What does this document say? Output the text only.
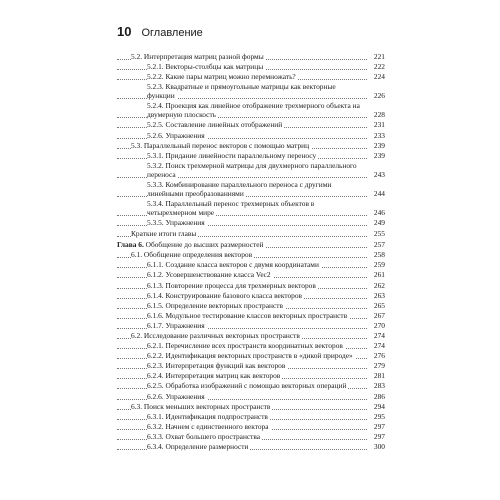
10 Оглавление
5.2. Интерпретация матриц разной формы	221
5.2.1. Векторы-столбцы как матрицы	222
5.2.2. Какие пары матриц можно перемножать?	224
5.2.3. Квадратные и прямоугольные матрицы как векторные функции	226
5.2.4. Проекция как линейное отображение трехмерного объекта на двумерную плоскость	228
5.2.5. Составление линейных отображений	231
5.2.6. Упражнения	233
5.3. Параллельный перенос векторов с помощью матриц	239
5.3.1. Придание линейности параллельному переносу	239
5.3.2. Поиск трехмерной матрицы для двухмерного параллельного переноса	243
5.3.3. Комбинирование параллельного переноса с другими линейными преобразованиями	244
5.3.4. Параллельный перенос трехмерных объектов в четырехмерном мире	246
5.3.5. Упражнения	249
Краткие итоги главы	255
Глава 6. Обобщение до высших размерностей	257
6.1. Обобщение определения векторов	258
6.1.1. Создание класса векторов с двумя координатами	259
6.1.2. Усовершенствование класса Vec2	261
6.1.3. Повторение процесса для трехмерных векторов	262
6.1.4. Конструирование базового класса векторов	263
6.1.5. Определение векторных пространств	265
6.1.6. Модульное тестирование классов векторных пространств	267
6.1.7. Упражнения	270
6.2. Исследование различных векторных пространств	274
6.2.1. Перечисление всех пространств координатных векторов	274
6.2.2. Идентификация векторных пространств в «дикой природе»	276
6.2.3. Интерпретация функций как векторов	279
6.2.4. Интерпретация матриц как векторов	281
6.2.5. Обработка изображений с помощью векторных операций	283
6.2.6. Упражнения	286
6.3. Поиск меньших векторных пространств	294
6.3.1. Идентификация подпространств	295
6.3.2. Начнем с единственного вектора	297
6.3.3. Охват большего пространства	297
6.3.4. Определение размерности	300
